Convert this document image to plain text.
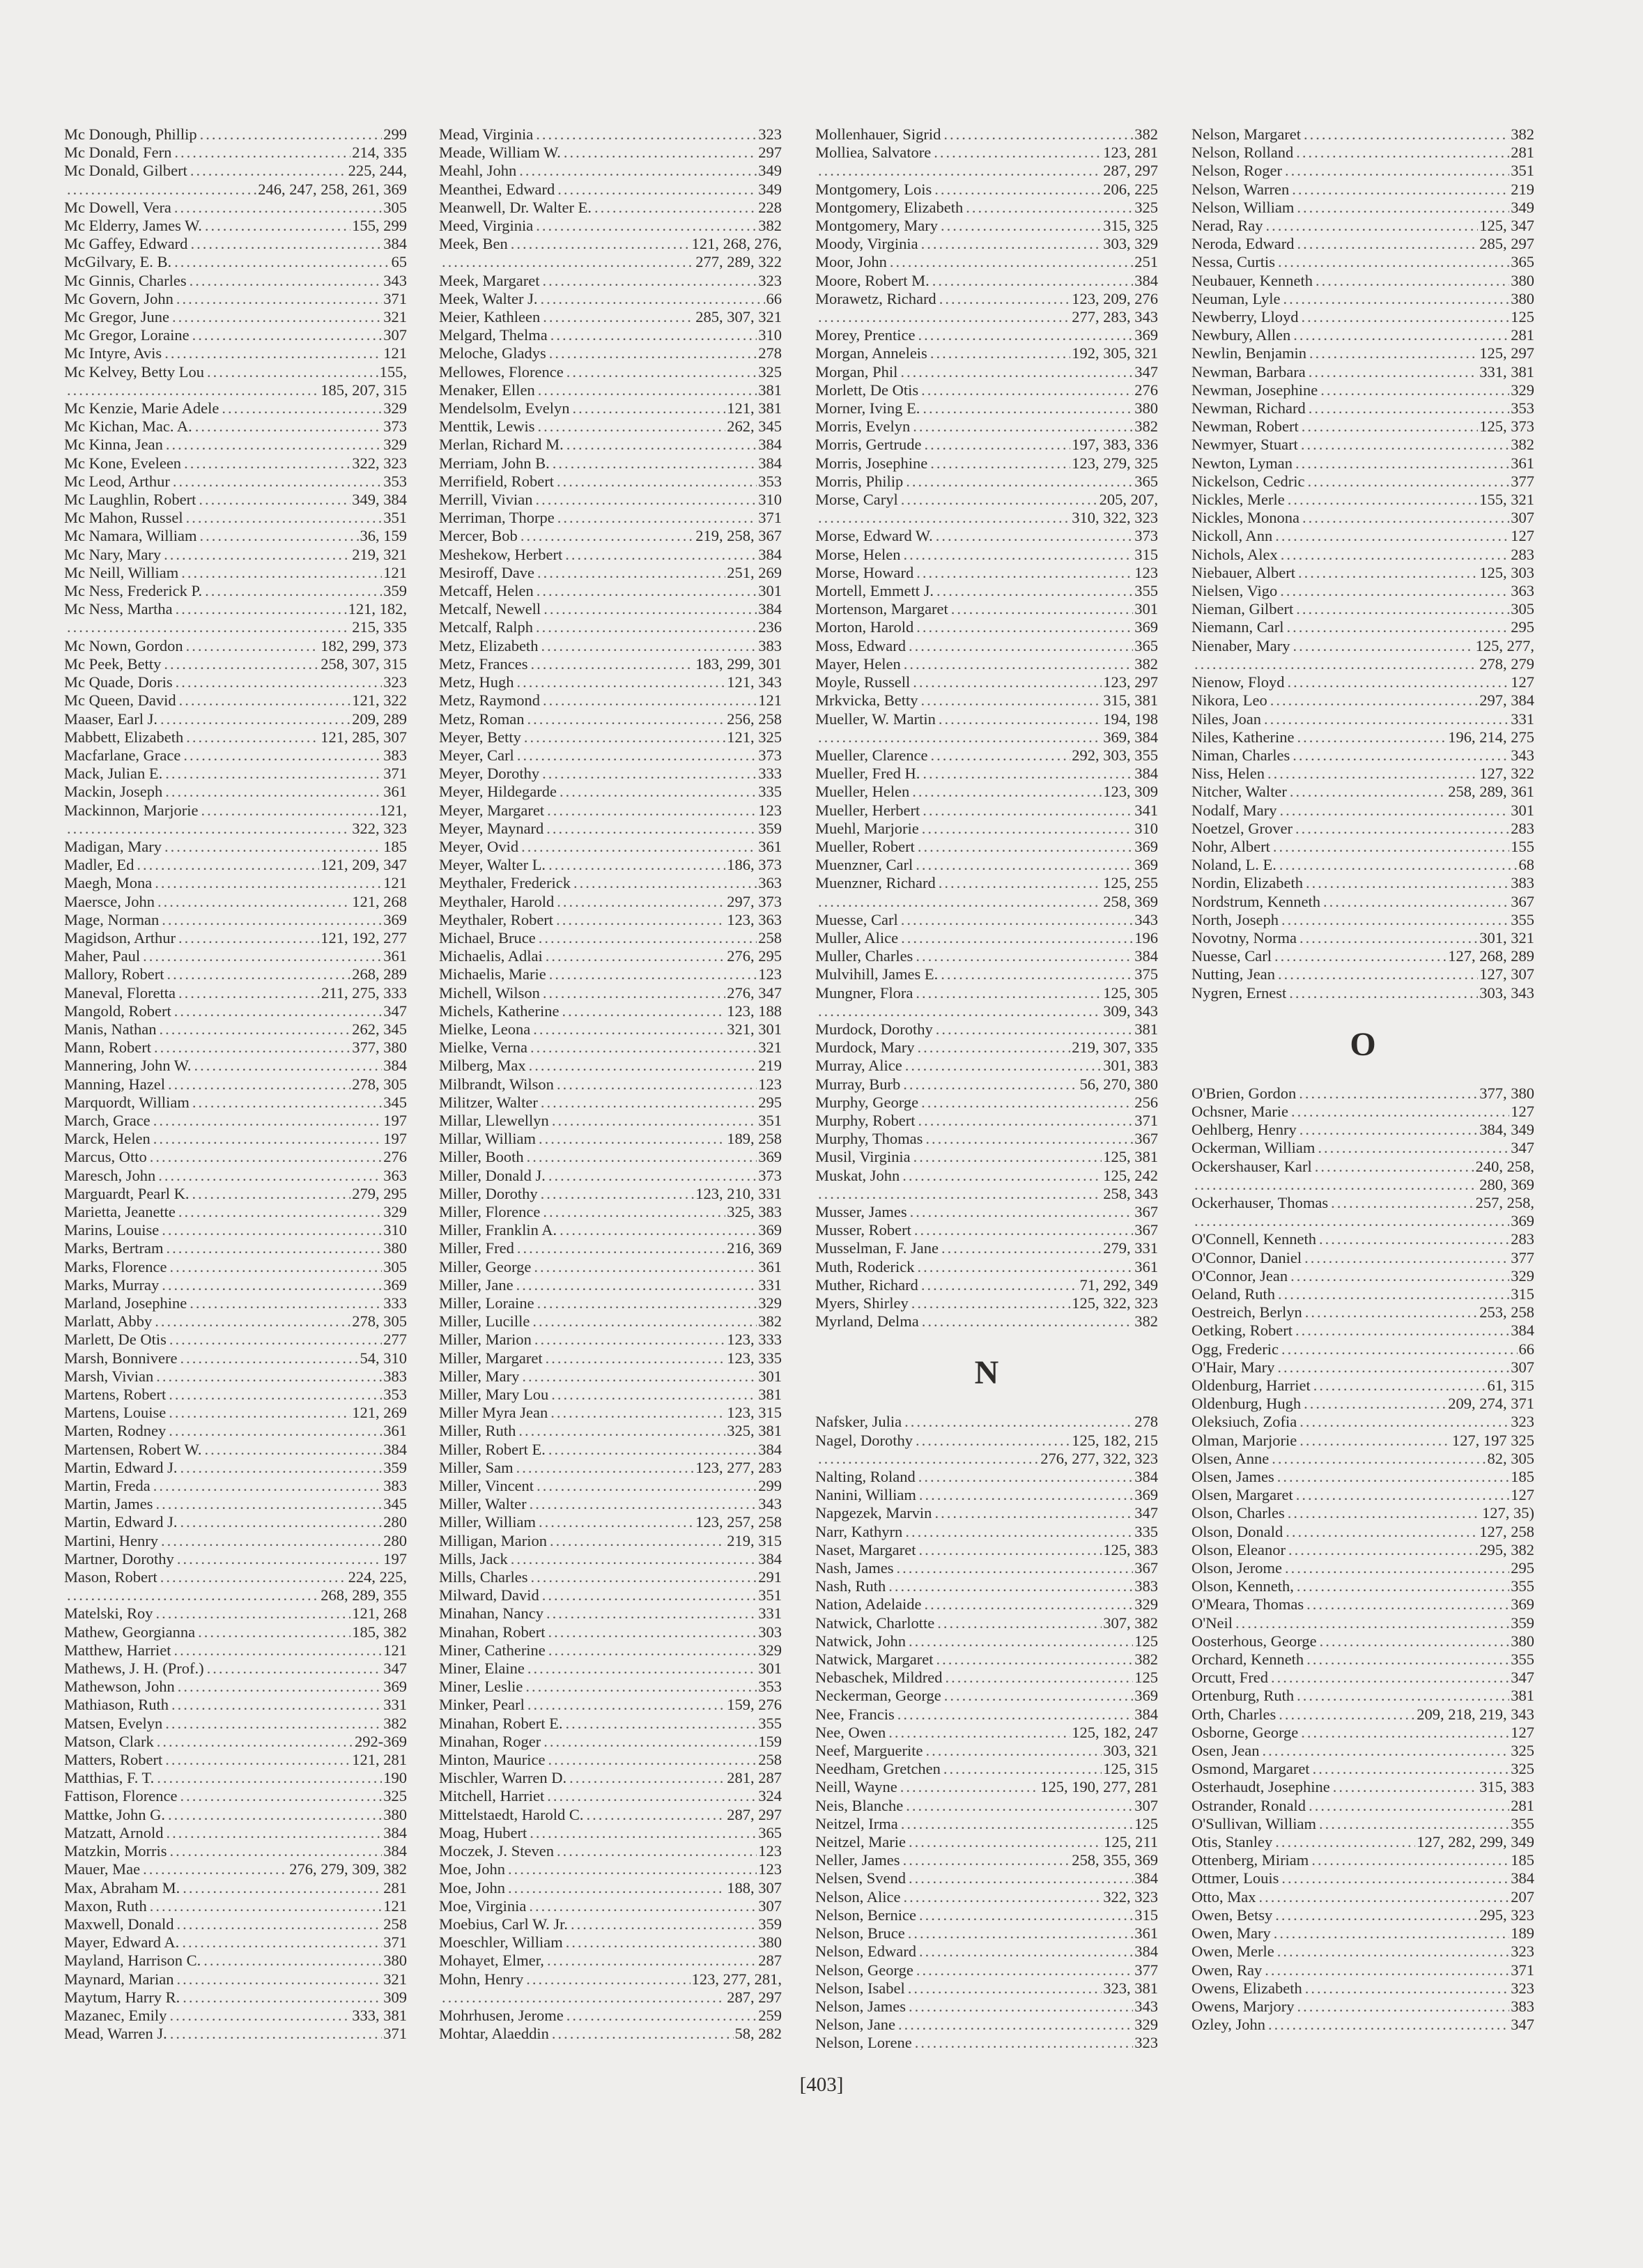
Mc Donough, Phillip .....	299
Mc Donald, Fern .....	214, 335
Mc Donald, Gilbert .....	225, 244,
.....
246, 247, 258, 261, 369
Mc Dowell, Vera .....	305
Mc Elderry, James W. .....	155, 299
Mc Gaffey, Edward .....	384
McGilvary, E. B. .....	65
Mc Ginnis, Charles .....	343
Mc Govern, John .....	371
Mc Gregor, June .....	321
Mc Gregor, Loraine .....	307
Mc Intyre, Avis .....	121
Mc Kelvey, Betty Lou .....	155,
.....
185, 207, 315
Mc Kenzie, Marie Adele .....	329
Mc Kichan, Mac. A. .....	373
Mc Kinna, Jean .....	329
Mc Kone, Eveleen .....	322, 323
Mc Leod, Arthur .....	353
Mc Laughlin, Robert .....	349, 384
Mc Mahon, Russel .....	351
Mc Namara, William .....	36, 159
Mc Nary, Mary .....	219, 321
Mc Neill, William .....	121
Mc Ness, Frederick P. .....	359
Mc Ness, Martha .....	121, 182,
.....
215, 335
Mc Nown, Gordon .....	182, 299, 373
Mc Peek, Betty .....	258, 307, 315
Mc Quade, Doris .....	323
Mc Queen, David .....	121, 322
Maaser, Earl J. .....	209, 289
Mabbett, Elizabeth .....	121, 285, 307
Macfarlane, Grace .....	383
Mack, Julian E. .....	371
Mackin, Joseph .....	361
Mackinnon, Marjorie .....	121,
.....
322, 323
Madigan, Mary .....	185
Madler, Ed .....	121, 209, 347
Maegh, Mona .....	121
Maersce, John .....	121, 268
Mage, Norman .....	369
Magidson, Arthur .....	121, 192, 277
Maher, Paul .....	361
Mallory, Robert .....	268, 289
Maneval, Floretta .....	211, 275, 333
Mangold, Robert .....	347
Manis, Nathan .....	262, 345
Mann, Robert .....	377, 380
Mannering, John W. .....	384
Manning, Hazel .....	278, 305
Marquordt, William .....	345
March, Grace .....	197
Marck, Helen .....	197
Marcus, Otto .....	276
Maresch, John .....	363
Marguardt, Pearl K. .....	279, 295
Marietta, Jeanette .....	329
Marins, Louise .....	310
Marks, Bertram .....	380
Marks, Florence .....	305
Marks, Murray .....	369
Marland, Josephine .....	333
Marlatt, Abby .....	278, 305
Marlett, De Otis .....	277
Marsh, Bonnivere .....	54, 310
Marsh, Vivian .....	383
Martens, Robert .....	353
Martens, Louise .....	121, 269
Marten, Rodney .....	361
Martensen, Robert W. .....	384
Martin, Edward J. .....	359
Martin, Freda .....	383
Martin, James .....	345
Martin, Edward J. .....	280
Martini, Henry .....	280
Martner, Dorothy .....	197
Mason, Robert .....	224, 225,
.....
268, 289, 355
Matelski, Roy .....	121, 268
Mathew, Georgianna .....	185, 382
Matthew, Harriet .....	121
Mathews, J. H. (Prof.) .....	347
Mathewson, John .....	369
Mathiason, Ruth .....	331
Matsen, Evelyn .....	382
Matson, Clark .....	292-369
Matters, Robert .....	121, 281
Matthias, F. T. .....	190
Fattison, Florence .....	325
Mattke, John G. .....	380
Matzatt, Arnold .....	384
Matzkin, Morris .....	384
Mauer, Mae .....	276, 279, 309, 382
Max, Abraham M. .....	281
Maxon, Ruth .....	121
Maxwell, Donald .....	258
Mayer, Edward A. .....	371
Mayland, Harrison C. .....	380
Maynard, Marian .....	321
Maytum, Harry R. .....	309
Mazanec, Emily .....	333, 381
Mead, Warren J. .....	371
Mead, Virginia .....	323
Meade, William W. .....	297
Meahl, John .....	349
Meanthei, Edward .....	349
Meanwell, Dr. Walter E. .....	228
Meed, Virginia .....	382
Meek, Ben .....	121, 268, 276,
.....
277, 289, 322
Meek, Margaret .....	323
Meek, Walter J. .....	66
Meier, Kathleen .....	285, 307, 321
Melgard, Thelma .....	310
Meloche, Gladys .....	278
Mellowes, Florence .....	325
Menaker, Ellen .....	381
Mendelsolm, Evelyn .....	121, 381
Menttik, Lewis .....	262, 345
Merlan, Richard M. .....	384
Merriam, John B. .....	384
Merrifield, Robert .....	353
Merrill, Vivian .....	310
Merriman, Thorpe .....	371
Mercer, Bob .....	219, 258, 367
Meshekow, Herbert .....	384
Mesiroff, Dave .....	251, 269
Metcaff, Helen .....	301
Metcalf, Newell .....	384
Metcalf, Ralph .....	236
Metz, Elizabeth .....	383
Metz, Frances .....	183, 299, 301
Metz, Hugh .....	121, 343
Metz, Raymond .....	121
Metz, Roman .....	256, 258
Meyer, Betty .....	121, 325
Meyer, Carl .....	373
Meyer, Dorothy .....	333
Meyer, Hildegarde .....	335
Meyer, Margaret .....	123
Meyer, Maynard .....	359
Meyer, Ovid .....	361
Meyer, Walter L. .....	186, 373
Meythaler, Frederick .....	363
Meythaler, Harold .....	297, 373
Meythaler, Robert .....	123, 363
Michael, Bruce .....	258
Michaelis, Adlai .....	276, 295
Michaelis, Marie .....	123
Michell, Wilson .....	276, 347
Michels, Katherine .....	123, 188
Mielke, Leona .....	321, 301
Mielke, Verna .....	321
Milberg, Max .....	219
Milbrandt, Wilson .....	123
Militzer, Walter .....	295
Millar, Llewellyn .....	351
Millar, William .....	189, 258
Miller, Booth .....	369
Miller, Donald J. .....	373
Miller, Dorothy .....	123, 210, 331
Miller, Florence .....	325, 383
Miller, Franklin A. .....	369
Miller, Fred .....	216, 369
Miller, George .....	361
Miller, Jane .....	331
Miller, Loraine .....	329
Miller, Lucille .....	382
Miller, Marion .....	123, 333
Miller, Margaret .....	123, 335
Miller, Mary .....	301
Miller, Mary Lou .....	381
Miller Myra Jean .....	123, 315
Miller, Ruth .....	325, 381
Miller, Robert E. .....	384
Miller, Sam .....	123, 277, 283
Miller, Vincent .....	299
Miller, Walter .....	343
Miller, William .....	123, 257, 258
Milligan, Marion .....	219, 315
Mills, Jack .....	384
Mills, Charles .....	291
Milward, David .....	351
Minahan, Nancy .....	331
Minahan, Robert .....	303
Miner, Catherine .....	329
Miner, Elaine .....	301
Miner, Leslie .....	353
Minker, Pearl .....	159, 276
Minahan, Robert E. .....	355
Minahan, Roger .....	159
Minton, Maurice .....	258
Mischler, Warren D. .....	281, 287
Mitchell, Harriet .....	324
Mittelstaedt, Harold C. .....	287, 297
Moag, Hubert .....	365
Moczek, J. Steven .....	123
Moe, John .....	123
Moe, John .....	188, 307
Moe, Virginia .....	307
Moebius, Carl W. Jr. .....	359
Moeschler, William .....	380
Mohayet, Elmer, .....	287
Mohn, Henry .....	123, 277, 281,
.....
287, 297
Mohrhusen, Jerome .....	259
Mohtar, Alaeddin .....	58, 282
Mollenhauer, Sigrid .....	382
Molliea, Salvatore .....	123, 281
.....
287, 297
Montgomery, Lois .....	206, 225
Montgomery, Elizabeth .....	325
Montgomery, Mary .....	315, 325
Moody, Virginia .....	303, 329
Moor, John .....	251
Moore, Robert M. .....	384
Morawetz, Richard .....	123, 209, 276
.....
277, 283, 343
Morey, Prentice .....	369
Morgan, Anneleis .....	192, 305, 321
Morgan, Phil .....	347
Morlett, De Otis .....	276
Morner, Iving E. .....	380
Morris, Evelyn .....	382
Morris, Gertrude .....	197, 383, 336
Morris, Josephine .....	123, 279, 325
Morris, Philip .....	365
Morse, Caryl .....	205, 207,
.....
310, 322, 323
Morse, Edward W. .....	373
Morse, Helen .....	315
Morse, Howard .....	123
Mortell, Emmett J. .....	355
Mortenson, Margaret .....	301
Morton, Harold .....	369
Moss, Edward .....	365
Mayer, Helen .....	382
Moyle, Russell .....	123, 297
Mrkvicka, Betty .....	315, 381
Mueller, W. Martin .....	194, 198
.....
369, 384
Mueller, Clarence .....	292, 303, 355
Mueller, Fred H. .....	384
Mueller, Helen .....	123, 309
Mueller, Herbert .....	341
Muehl, Marjorie .....	310
Mueller, Robert .....	369
Muenzner, Carl .....	369
Muenzner, Richard .....	125, 255
.....
258, 369
Muesse, Carl .....	343
Muller, Alice .....	196
Muller, Charles .....	384
Mulvihill, James E. .....	375
Mungner, Flora .....	125, 305
.....
309, 343
Murdock, Dorothy .....	381
Murdock, Mary .....	219, 307, 335
Murray, Alice .....	301, 383
Murray, Burb .....	56, 270, 380
Murphy, George .....	256
Murphy, Robert .....	371
Murphy, Thomas .....	367
Musil, Virginia .....	125, 381
Muskat, John .....	125, 242
.....
258, 343
Musser, James .....	367
Musser, Robert .....	367
Musselman, F. Jane .....	279, 331
Muth, Roderick .....	361
Muther, Richard .....	71, 292, 349
Myers, Shirley .....	125, 322, 323
Myrland, Delma .....	382
N
Nafsker, Julia .....	278
Nagel, Dorothy .....	125, 182, 215
.....
276, 277, 322, 323
Nalting, Roland .....	384
Nanini, William .....	369
Napgezek, Marvin .....	347
Narr, Kathyrn .....	335
Naset, Margaret .....	125, 383
Nash, James .....	367
Nash, Ruth .....	383
Nation, Adelaide .....	329
Natwick, Charlotte .....	307, 382
Natwick, John .....	125
Natwick, Margaret .....	382
Nebaschek, Mildred .....	125
Neckerman, George .....	369
Nee, Francis .....	384
Nee, Owen .....	125, 182, 247
Neef, Marguerite .....	303, 321
Needham, Gretchen .....	125, 315
Neill, Wayne .....	125, 190, 277, 281
Neis, Blanche .....	307
Neitzel, Irma .....	125
Neitzel, Marie .....	125, 211
Neller, James .....	258, 355, 369
Nelsen, Svend .....	384
Nelson, Alice .....	322, 323
Nelson, Bernice .....	315
Nelson, Bruce .....	361
Nelson, Edward .....	384
Nelson, George .....	377
Nelson, Isabel .....	323, 381
Nelson, James .....	343
Nelson, Jane .....	329
Nelson, Lorene .....	323
Nelson, Margaret .....	382
Nelson, Rolland .....	281
Nelson, Roger .....	351
Nelson, Warren .....	219
Nelson, William .....	349
Nerad, Ray .....	125, 347
Neroda, Edward .....	285, 297
Nessa, Curtis .....	365
Neubauer, Kenneth .....	380
Neuman, Lyle .....	380
Newberry, Lloyd .....	125
Newbury, Allen .....	281
Newlin, Benjamin .....	125, 297
Newman, Barbara .....	331, 381
Newman, Josephine .....	329
Newman, Richard .....	353
Newman, Robert .....	125, 373
Newmyer, Stuart .....	382
Newton, Lyman .....	361
Nickelson, Cedric .....	377
Nickles, Merle .....	155, 321
Nickles, Monona .....	307
Nickoll, Ann .....	127
Nichols, Alex .....	283
Niebauer, Albert .....	125, 303
Nielsen, Vigo .....	363
Nieman, Gilbert .....	305
Niemann, Carl .....	295
Nienaber, Mary .....	125, 277,
.....
278, 279
Nienow, Floyd .....	127
Nikora, Leo .....	297, 384
Niles, Joan .....	331
Niles, Katherine .....	196, 214, 275
Niman, Charles .....	343
Niss, Helen .....	127, 322
Nitcher, Walter .....	258, 289, 361
Nodalf, Mary .....	301
Noetzel, Grover .....	283
Nohr, Albert .....	155
Noland, L. E. .....	68
Nordin, Elizabeth .....	383
Nordstrum, Kenneth .....	367
North, Joseph .....	355
Novotny, Norma .....	301, 321
Nuesse, Carl .....	127, 268, 289
Nutting, Jean .....	127, 307
Nygren, Ernest .....	303, 343
O
O'Brien, Gordon .....	377, 380
Ochsner, Marie .....	127
Oehlberg, Henry .....	384, 349
Ockerman, William .....	347
Ockershauser, Karl .....	240, 258,
.....
280, 369
Ockerhauser, Thomas .....	257, 258,
.....
369
O'Connell, Kenneth .....	283
O'Connor, Daniel .....	377
O'Connor, Jean .....	329
Oeland, Ruth .....	315
Oestreich, Berlyn .....	253, 258
Oetking, Robert .....	384
Ogg, Frederic .....	66
O'Hair, Mary .....	307
Oldenburg, Harriet .....	61, 315
Oldenburg, Hugh .....	209, 274, 371
Oleksiuch, Zofia .....	323
Olman, Marjorie .....	127, 197 325
Olsen, Anne .....	82, 305
Olsen, James .....	185
Olsen, Margaret .....	127
Olson, Charles .....	127, 35)
Olson, Donald .....	127, 258
Olson, Eleanor .....	295, 382
Olson, Jerome .....	295
Olson, Kenneth, .....	355
O'Meara, Thomas .....	369
O'Neil .....	359
Oosterhous, George .....	380
Orchard, Kenneth .....	355
Orcutt, Fred .....	347
Ortenburg, Ruth .....	381
Orth, Charles .....	209, 218, 219, 343
Osborne, George .....	127
Osen, Jean .....	325
Osmond, Margaret .....	325
Osterhaudt, Josephine .....	315, 383
Ostrander, Ronald .....	281
O'Sullivan, William .....	355
Otis, Stanley .....	127, 282, 299, 349
Ottenberg, Miriam .....	185
Ottmer, Louis .....	384
Otto, Max .....	207
Owen, Betsy .....	295, 323
Owen, Mary .....	189
Owen, Merle .....	323
Owen, Ray .....	371
Owens, Elizabeth .....	323
Owens, Marjory .....	383
Ozley, John .....	347
[403]
